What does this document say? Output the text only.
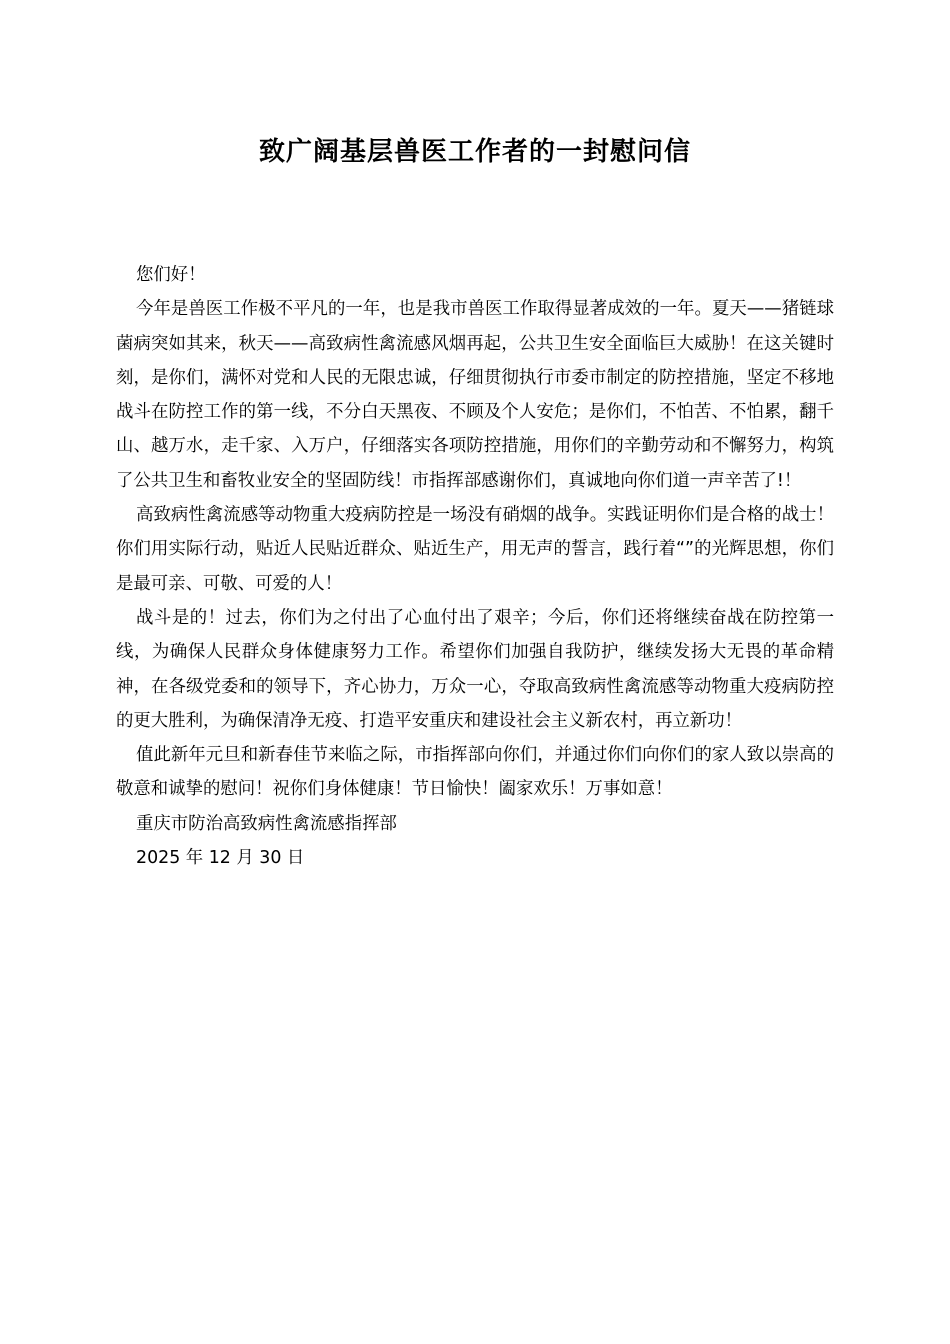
致广阔基层兽医工作者的一封慰问信

您们好！

今年是兽医工作极不平凡的一年，也是我市兽医工作取得显著成效的一年。夏天——猪链球菌病突如其来，秋天——高致病性禽流感风烟再起，公共卫生安全面临巨大威胁！在这关键时刻，是你们，满怀对党和人民的无限忠诚，仔细贯彻执行市委市制定的防控措施，坚定不移地战斗在防控工作的第一线，不分白天黑夜、不顾及个人安危；是你们，不怕苦、不怕累，翻千山、越万水，走千家、入万户，仔细落实各项防控措施，用你们的辛勤劳动和不懈努力，构筑了公共卫生和畜牧业安全的坚固防线！市指挥部感谢你们，真诚地向你们道一声辛苦了!！

高致病性禽流感等动物重大疫病防控是一场没有硝烟的战争。实践证明你们是合格的战士！你们用实际行动，贴近人民贴近群众、贴近生产，用无声的誓言，践行着“”的光辉思想，你们是最可亲、可敬、可爱的人！

战斗是的！过去，你们为之付出了心血付出了艰辛；今后，你们还将继续奋战在防控第一线，为确保人民群众身体健康努力工作。希望你们加强自我防护，继续发扬大无畏的革命精神，在各级党委和的领导下，齐心协力，万众一心，夺取高致病性禽流感等动物重大疫病防控的更大胜利，为确保清净无疫、打造平安重庆和建设社会主义新农村，再立新功！

值此新年元旦和新春佳节来临之际，市指挥部向你们，并通过你们向你们的家人致以崇高的敬意和诚挚的慰问！祝你们身体健康！节日愉快！阖家欢乐！万事如意！

重庆市防治高致病性禽流感指挥部

2025 年 12 月 30 日
